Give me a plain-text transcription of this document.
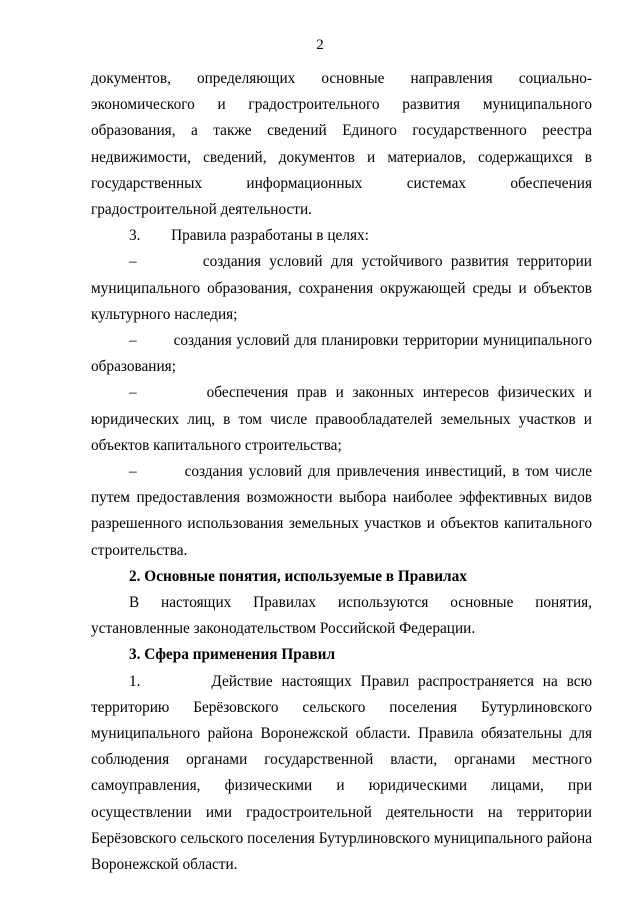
2

документов, определяющих основные направления социально-экономического и градостроительного развития муниципального образования, а также сведений Единого государственного реестра недвижимости, сведений, документов и материалов, содержащихся в государственных информационных системах обеспечения градостроительной деятельности.

3.        Правила разработаны в целях:

–        создания условий для устойчивого развития территории муниципального образования, сохранения окружающей среды и объектов культурного наследия;

–        создания условий для планировки территории муниципального образования;

–        обеспечения прав и законных интересов физических и юридических лиц, в том числе правообладателей земельных участков и объектов капитального строительства;

–        создания условий для привлечения инвестиций, в том числе путем предоставления возможности выбора наиболее эффективных видов разрешенного использования земельных участков и объектов капитального строительства.

2. Основные понятия, используемые в Правилах

В настоящих Правилах используются основные понятия, установленные законодательством Российской Федерации.

3. Сфера применения Правил

1.        Действие настоящих Правил распространяется на всю территорию Берёзовского сельского поселения Бутурлиновского муниципального района Воронежской области. Правила обязательны для соблюдения органами государственной власти, органами местного самоуправления, физическими и юридическими лицами, при осуществлении ими градостроительной деятельности на территории Берёзовского сельского поселения Бутурлиновского муниципального района Воронежской области.
